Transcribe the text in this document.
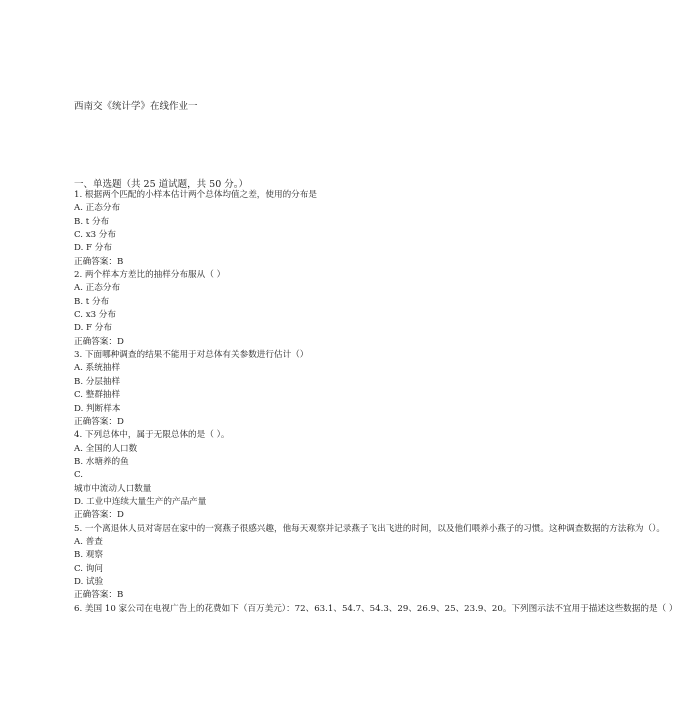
西南交《统计学》在线作业一
一、单选题（共 25 道试题，共 50 分。）
1. 根据两个匹配的小样本估计两个总体均值之差，使用的分布是
A. 正态分布
B. t 分布
C. x3 分布
D. F 分布
正确答案：B
2. 两个样本方差比的抽样分布服从（ ）
A. 正态分布
B. t 分布
C. x3 分布
D. F 分布
正确答案：D
3. 下面哪种调查的结果不能用于对总体有关参数进行估计（）
A. 系统抽样
B. 分层抽样
C. 整群抽样
D. 判断样本
正确答案：D
4. 下列总体中，属于无限总体的是（ ）。
A. 全国的人口数
B. 水塘养的鱼
C.
城市中流动人口数量
D. 工业中连续大量生产的产品产量
正确答案：D
5. 一个离退休人员对寄居在家中的一窝燕子很感兴趣，他每天观察并记录燕子飞出飞进的时间，以及他们喂养小燕子的习惯。这种调查数据的方法称为（）。
A. 普查
B. 观察
C. 询问
D. 试验
正确答案：B
6. 美国 10 家公司在电视广告上的花费如下（百万美元）：72、63.1、54.7、54.3、29、26.9、25、23.9、20。下列图示法不宜用于描述这些数据的是（ ）
